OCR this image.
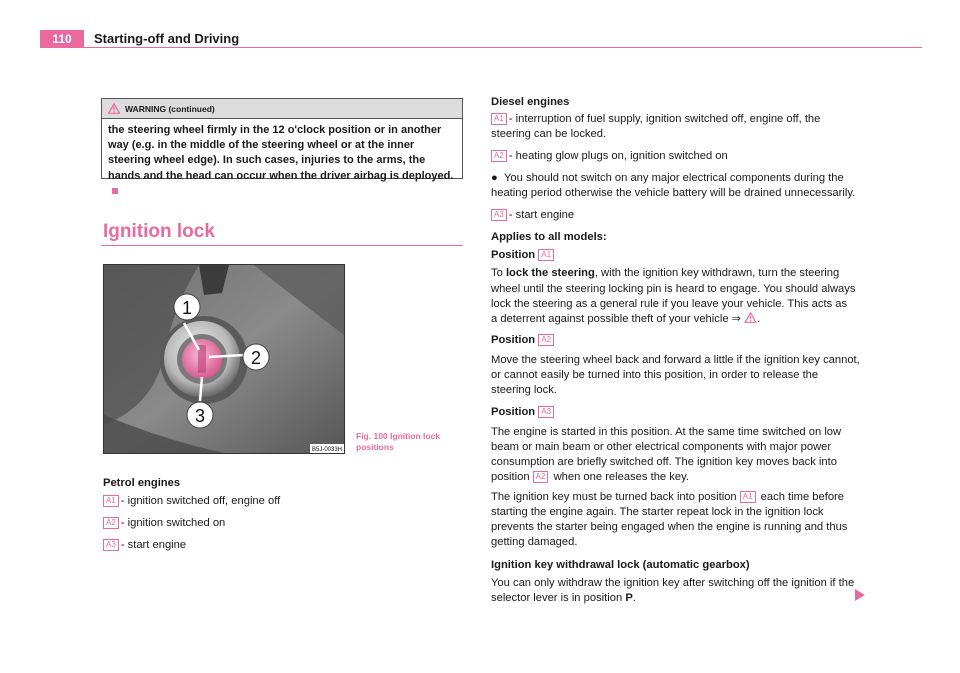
110	Starting-off and Driving
WARNING (continued)
the steering wheel firmly in the 12 o'clock position or in another way (e.g. in the middle of the steering wheel or at the inner steering wheel edge). In such cases, injuries to the arms, the hands and the head can occur when the driver airbag is deployed.
Ignition lock
1
2
3
B5J-0033H
Fig. 100 Ignition lock
positions
Petrol engines
A1 - ignition switched off, engine off
A2 - ignition switched on
A3 - start engine
Diesel engines
A1 - interruption of fuel supply, ignition switched off, engine off, the
steering can be locked.
A2 - heating glow plugs on, ignition switched on
●  You should not switch on any major electrical components during the
heating period otherwise the vehicle battery will be drained unnecessarily.
A3 - start engine
Applies to all models:
Position A1
To lock the steering, with the ignition key withdrawn, turn the steering
wheel until the steering locking pin is heard to engage. You should always
lock the steering as a general rule if you leave your vehicle. This acts as
a deterrent against possible theft of your vehicle ⇒ .
Position A2
Move the steering wheel back and forward a little if the ignition key cannot,
or cannot easily be turned into this position, in order to release the
steering lock.
Position A3
The engine is started in this position. At the same time switched on low
beam or main beam or other electrical components with major power
consumption are briefly switched off. The ignition key moves back into
position A2 when one releases the key.
The ignition key must be turned back into position A1 each time before
starting the engine again. The starter repeat lock in the ignition lock
prevents the starter being engaged when the engine is running and thus
getting damaged.
Ignition key withdrawal lock (automatic gearbox)
You can only withdraw the ignition key after switching off the ignition if the
selector lever is in position P.
